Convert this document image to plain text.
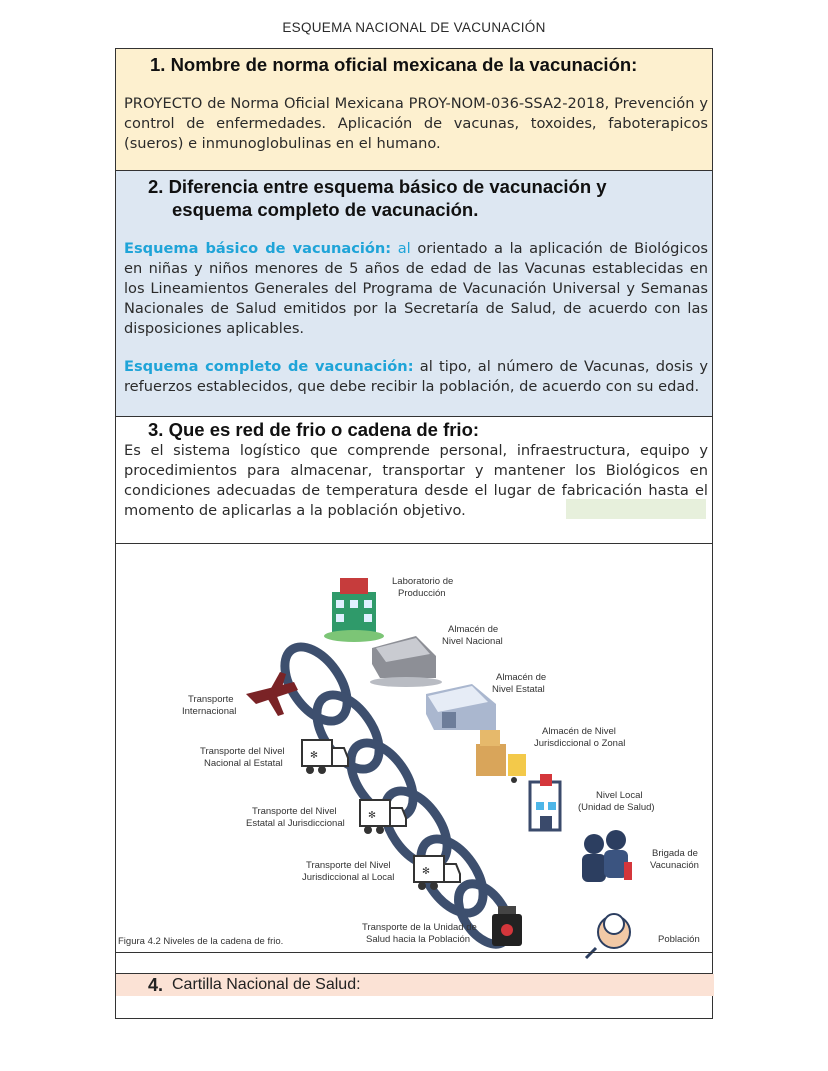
ESQUEMA NACIONAL DE VACUNACIÓN
1. Nombre de norma oficial mexicana de la vacunación:
PROYECTO de Norma Oficial Mexicana PROY-NOM-036-SSA2-2018, Prevención y control de enfermedades. Aplicación de vacunas, toxoides, faboterapicos (sueros) e inmunoglobulinas en el humano.
2. Diferencia entre esquema básico de vacunación y
esquema completo de vacunación.
Esquema básico de vacunación: al orientado a la aplicación de Biológicos en niñas y niños menores de 5 años de edad de las Vacunas establecidas en los Lineamientos Generales del Programa de Vacunación Universal y Semanas Nacionales de Salud emitidos por la Secretaría de Salud, de acuerdo con las disposiciones aplicables.
Esquema completo de vacunación: al tipo, al número de Vacunas, dosis y refuerzos establecidos, que debe recibir la población, de acuerdo con su edad.
3. Que es red de frio o cadena de frio:
Es el sistema logístico que comprende personal, infraestructura, equipo y procedimientos para almacenar, transportar y mantener los Biológicos en condiciones adecuadas de temperatura desde el lugar de fabricación hasta el momento de aplicarlas a la población objetivo.
✻
✻
✻
Laboratorio de
Producción
Almacén de
Nivel Nacional
Almacén de
Nivel Estatal
Almacén de Nivel
Jurisdiccional o Zonal
Nivel Local
(Unidad de Salud)
Brigada de
Vacunación
Población
Transporte
Internacional
Transporte del Nivel
Nacional al Estatal
Transporte del Nivel
Estatal al Jurisdiccional
Transporte del Nivel
Jurisdiccional al Local
Transporte de la Unidad de
Salud hacia la Población
Figura 4.2 Niveles de la cadena de frio.
4. Cartilla Nacional de Salud:
